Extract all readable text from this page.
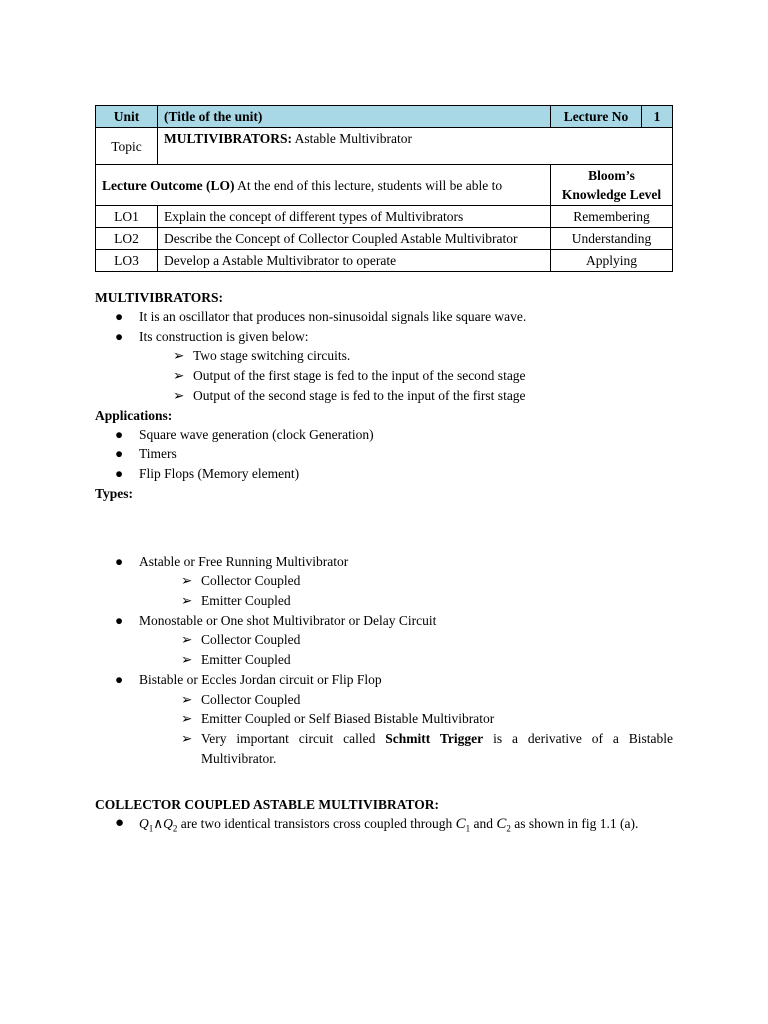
Unit	(Title of the unit)	Lecture No	1
Topic	MULTIVIBRATORS: Astable Multivibrator		
Lecture Outcome (LO) At the end of this lecture, students will be able to		Bloom’s Knowledge Level	
LO1	Explain the concept of different types of Multivibrators	Remembering	
LO2	Describe the Concept of Collector Coupled Astable Multivibrator	Understanding	
LO3	Develop a Astable Multivibrator to operate	Applying	

MULTIVIBRATORS:

● It is an oscillator that produces non-sinusoidal signals like square wave.
● Its construction is given below:
➢ Two stage switching circuits.
➢ Output of the first stage is fed to the input of the second stage
➢ Output of the second stage is fed to the input of the first stage

Applications:

● Square wave generation (clock Generation)
● Timers
● Flip Flops (Memory element)

Types:

● Astable or Free Running Multivibrator
➢ Collector Coupled
➢ Emitter Coupled
● Monostable or One shot Multivibrator or Delay Circuit
➢ Collector Coupled
➢ Emitter Coupled
● Bistable or Eccles Jordan circuit or Flip Flop
➢ Collector Coupled
➢ Emitter Coupled or Self Biased Bistable Multivibrator
➢ Very important circuit called Schmitt Trigger is a derivative of a Bistable Multivibrator.

COLLECTOR COUPLED ASTABLE MULTIVIBRATOR:

● $Q_1\wedge Q_2$ are two identical transistors cross coupled through $C_1$ and $C_2$ as shown in fig 1.1 (a).
